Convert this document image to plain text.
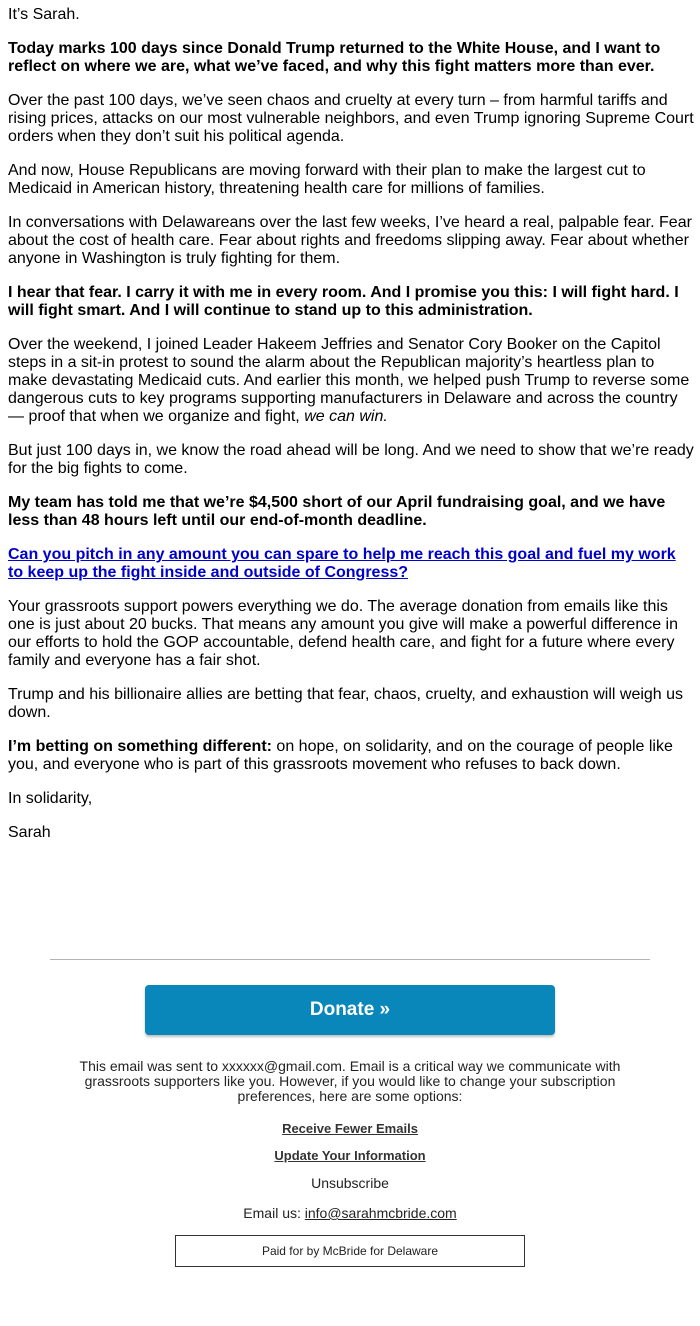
It’s Sarah.

Today marks 100 days since Donald Trump returned to the White House, and I want to reflect on where we are, what we’ve faced, and why this fight matters more than ever.

Over the past 100 days, we’ve seen chaos and cruelty at every turn – from harmful tariffs and rising prices, attacks on our most vulnerable neighbors, and even Trump ignoring Supreme Court orders when they don’t suit his political agenda.

And now, House Republicans are moving forward with their plan to make the largest cut to Medicaid in American history, threatening health care for millions of families.

In conversations with Delawareans over the last few weeks, I’ve heard a real, palpable fear. Fear about the cost of health care. Fear about rights and freedoms slipping away. Fear about whether anyone in Washington is truly fighting for them.

I hear that fear. I carry it with me in every room. And I promise you this: I will fight hard. I will fight smart. And I will continue to stand up to this administration.

Over the weekend, I joined Leader Hakeem Jeffries and Senator Cory Booker on the Capitol steps in a sit-in protest to sound the alarm about the Republican majority’s heartless plan to make devastating Medicaid cuts. And earlier this month, we helped push Trump to reverse some dangerous cuts to key programs supporting manufacturers in Delaware and across the country — proof that when we organize and fight, we can win.

But just 100 days in, we know the road ahead will be long. And we need to show that we’re ready for the big fights to come.

My team has told me that we’re $4,500 short of our April fundraising goal, and we have less than 48 hours left until our end-of-month deadline.

Can you pitch in any amount you can spare to help me reach this goal and fuel my work to keep up the fight inside and outside of Congress?

Your grassroots support powers everything we do. The average donation from emails like this one is just about 20 bucks. That means any amount you give will make a powerful difference in our efforts to hold the GOP accountable, defend health care, and fight for a future where every family and everyone has a fair shot.

Trump and his billionaire allies are betting that fear, chaos, cruelty, and exhaustion will weigh us down.

I’m betting on something different: on hope, on solidarity, and on the courage of people like you, and everyone who is part of this grassroots movement who refuses to back down.

In solidarity,

Sarah

Donate »
This email was sent to xxxxxx@gmail.com. Email is a critical way we communicate with grassroots supporters like you. However, if you would like to change your subscription preferences, here are some options:
Receive Fewer Emails
Update Your Information
Unsubscribe
Email us: info@sarahmcbride.com
Paid for by McBride for Delaware
